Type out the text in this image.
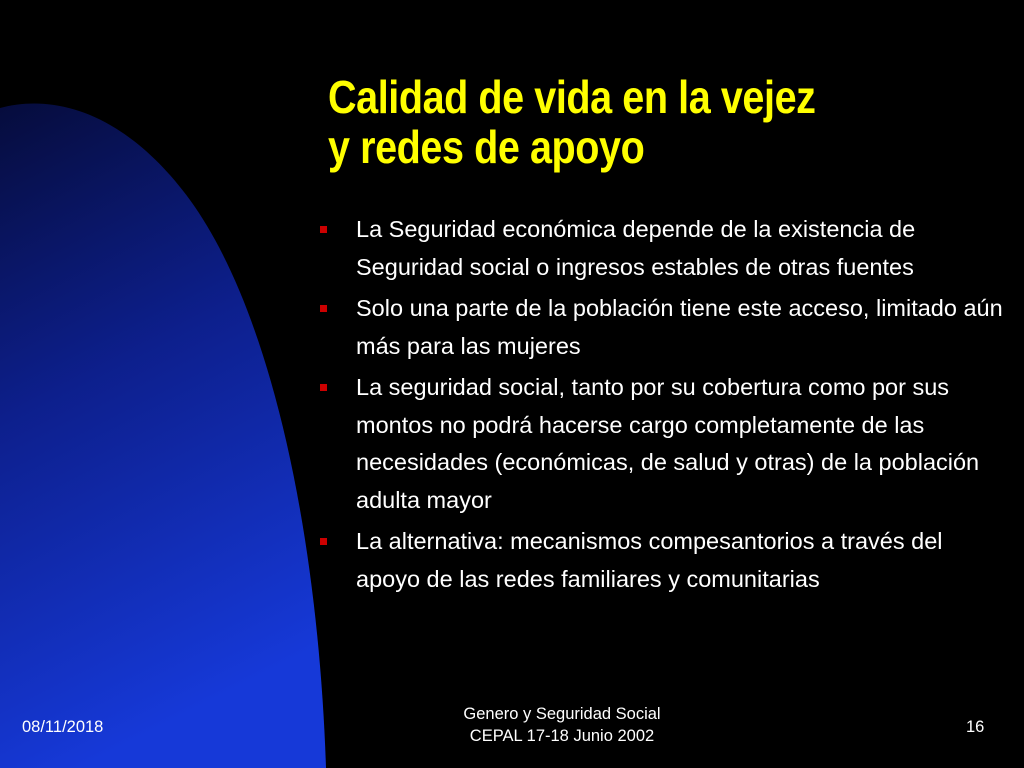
Calidad de vida en la vejez
y redes de apoyo
La Seguridad económica depende de la existencia de Seguridad social o ingresos estables de otras fuentes
Solo una parte de la población tiene este acceso, limitado aún más para las mujeres
La seguridad social, tanto por su cobertura como por sus montos no podrá hacerse cargo completamente de las necesidades (económicas, de salud y otras) de la población adulta mayor
La alternativa: mecanismos compesantorios a través del apoyo de las redes familiares y comunitarias
08/11/2018
Genero y Seguridad Social
CEPAL 17-18 Junio 2002	16
